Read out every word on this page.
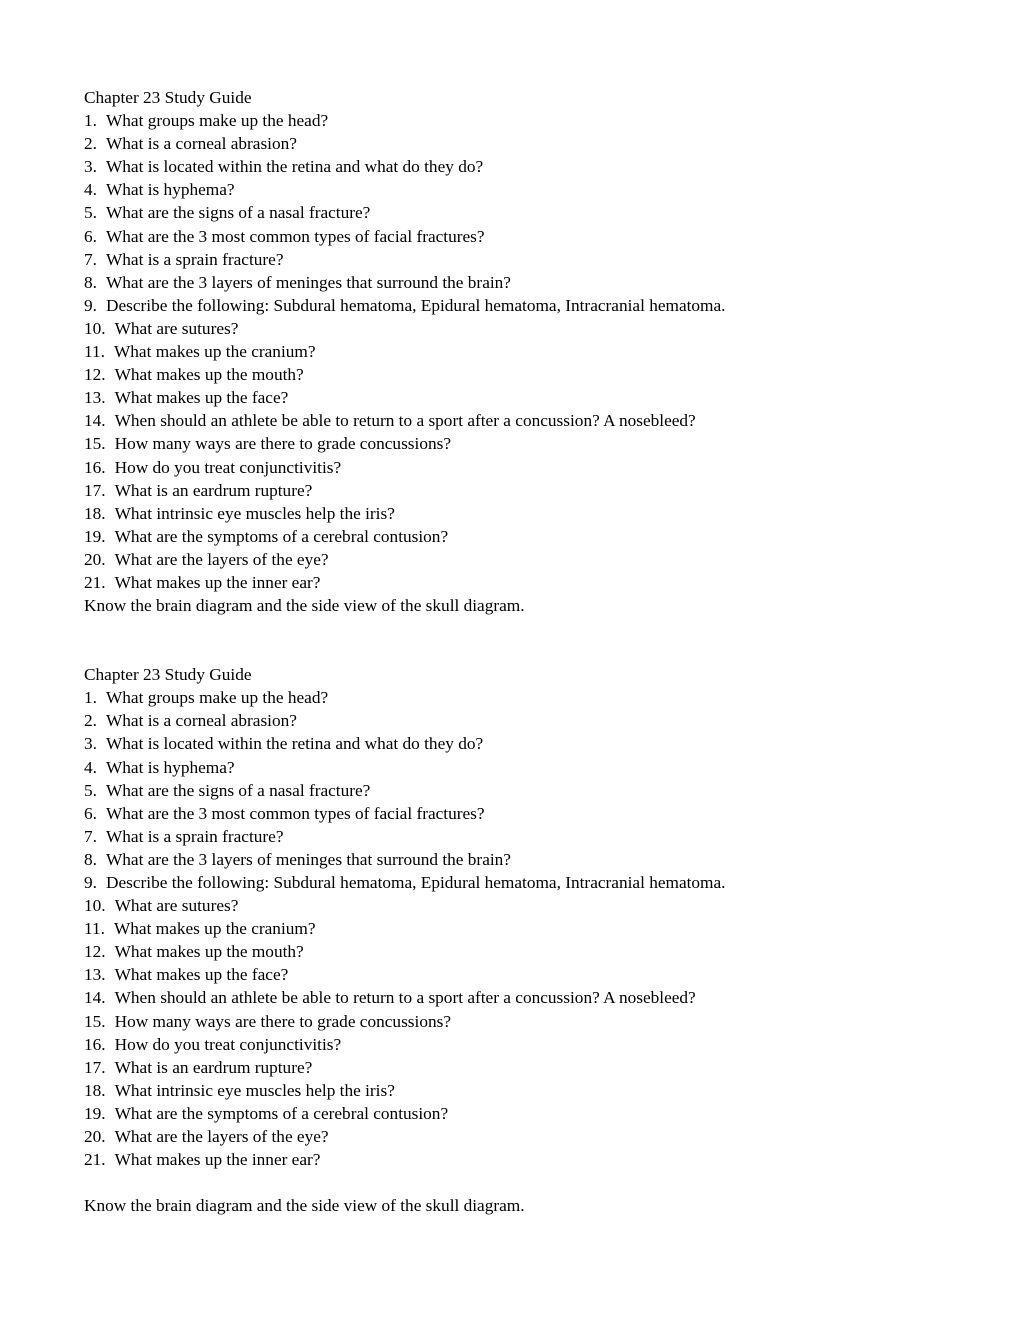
Chapter 23 Study Guide
1. What groups make up the head?
2. What is a corneal abrasion?
3. What is located within the retina and what do they do?
4. What is hyphema?
5. What are the signs of a nasal fracture?
6. What are the 3 most common types of facial fractures?
7. What is a sprain fracture?
8. What are the 3 layers of meninges that surround the brain?
9. Describe the following: Subdural hematoma, Epidural hematoma, Intracranial hematoma.
10. What are sutures?
11. What makes up the cranium?
12. What makes up the mouth?
13. What makes up the face?
14. When should an athlete be able to return to a sport after a concussion? A nosebleed?
15. How many ways are there to grade concussions?
16. How do you treat conjunctivitis?
17. What is an eardrum rupture?
18. What intrinsic eye muscles help the iris?
19. What are the symptoms of a cerebral contusion?
20. What are the layers of the eye?
21. What makes up the inner ear?
Know the brain diagram and the side view of the skull diagram.
Chapter 23 Study Guide
1. What groups make up the head?
2. What is a corneal abrasion?
3. What is located within the retina and what do they do?
4. What is hyphema?
5. What are the signs of a nasal fracture?
6. What are the 3 most common types of facial fractures?
7. What is a sprain fracture?
8. What are the 3 layers of meninges that surround the brain?
9. Describe the following: Subdural hematoma, Epidural hematoma, Intracranial hematoma.
10. What are sutures?
11. What makes up the cranium?
12. What makes up the mouth?
13. What makes up the face?
14. When should an athlete be able to return to a sport after a concussion? A nosebleed?
15. How many ways are there to grade concussions?
16. How do you treat conjunctivitis?
17. What is an eardrum rupture?
18. What intrinsic eye muscles help the iris?
19. What are the symptoms of a cerebral contusion?
20. What are the layers of the eye?
21. What makes up the inner ear?
Know the brain diagram and the side view of the skull diagram.
